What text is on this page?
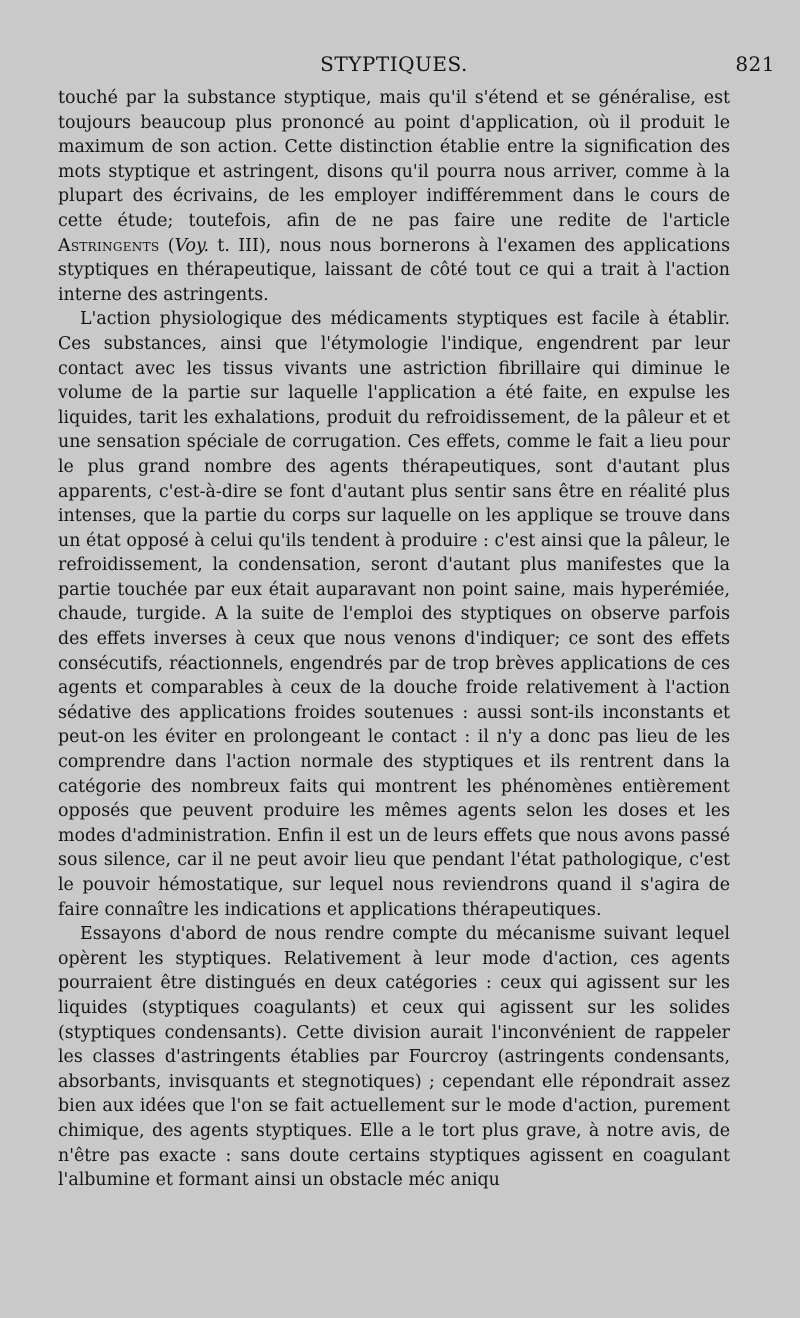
STYPTIQUES.	821

touché par la substance styptique, mais qu'il s'étend et se généralise, est toujours beaucoup plus prononcé au point d'application, où il produit le maximum de son action. Cette distinction établie entre la signification des mots styptique et astringent, disons qu'il pourra nous arriver, comme à la plupart des écrivains, de les employer indifféremment dans le cours de cette étude; toutefois, afin de ne pas faire une redite de l'article Astringents (Voy. t. III), nous nous bornerons à l'examen des applications styptiques en thérapeutique, laissant de côté tout ce qui a trait à l'action interne des astringents.

L'action physiologique des médicaments styptiques est facile à établir. Ces substances, ainsi que l'étymologie l'indique, engendrent par leur contact avec les tissus vivants une astriction fibrillaire qui diminue le volume de la partie sur laquelle l'application a été faite, en expulse les liquides, tarit les exhalations, produit du refroidissement, de la pâleur et et une sensation spéciale de corrugation. Ces effets, comme le fait a lieu pour le plus grand nombre des agents thérapeutiques, sont d'autant plus apparents, c'est-à-dire se font d'autant plus sentir sans être en réalité plus intenses, que la partie du corps sur laquelle on les applique se trouve dans un état opposé à celui qu'ils tendent à produire : c'est ainsi que la pâleur, le refroidissement, la condensation, seront d'autant plus manifestes que la partie touchée par eux était auparavant non point saine, mais hyperémiée, chaude, turgide. A la suite de l'emploi des styptiques on observe parfois des effets inverses à ceux que nous venons d'indiquer; ce sont des effets consécutifs, réactionnels, engendrés par de trop brèves applications de ces agents et comparables à ceux de la douche froide relativement à l'action sédative des applications froides soutenues : aussi sont-ils inconstants et peut-on les éviter en prolongeant le contact : il n'y a donc pas lieu de les comprendre dans l'action normale des styptiques et ils rentrent dans la catégorie des nombreux faits qui montrent les phénomènes entièrement opposés que peuvent produire les mêmes agents selon les doses et les modes d'administration. Enfin il est un de leurs effets que nous avons passé sous silence, car il ne peut avoir lieu que pendant l'état pathologique, c'est le pouvoir hémostatique, sur lequel nous reviendrons quand il s'agira de faire connaître les indications et applications thérapeutiques.

Essayons d'abord de nous rendre compte du mécanisme suivant lequel opèrent les styptiques. Relativement à leur mode d'action, ces agents pourraient être distingués en deux catégories : ceux qui agissent sur les liquides (styptiques coagulants) et ceux qui agissent sur les solides (styptiques condensants). Cette division aurait l'inconvénient de rappeler les classes d'astringents établies par Fourcroy (astringents condensants, absorbants, invisquants et stegnotiques) ; cependant elle répondrait assez bien aux idées que l'on se fait actuellement sur le mode d'action, purement chimique, des agents styptiques. Elle a le tort plus grave, à notre avis, de n'être pas exacte : sans doute certains styptiques agissent en coagulant l'albumine et formant ainsi un obstacle méc aniqu
